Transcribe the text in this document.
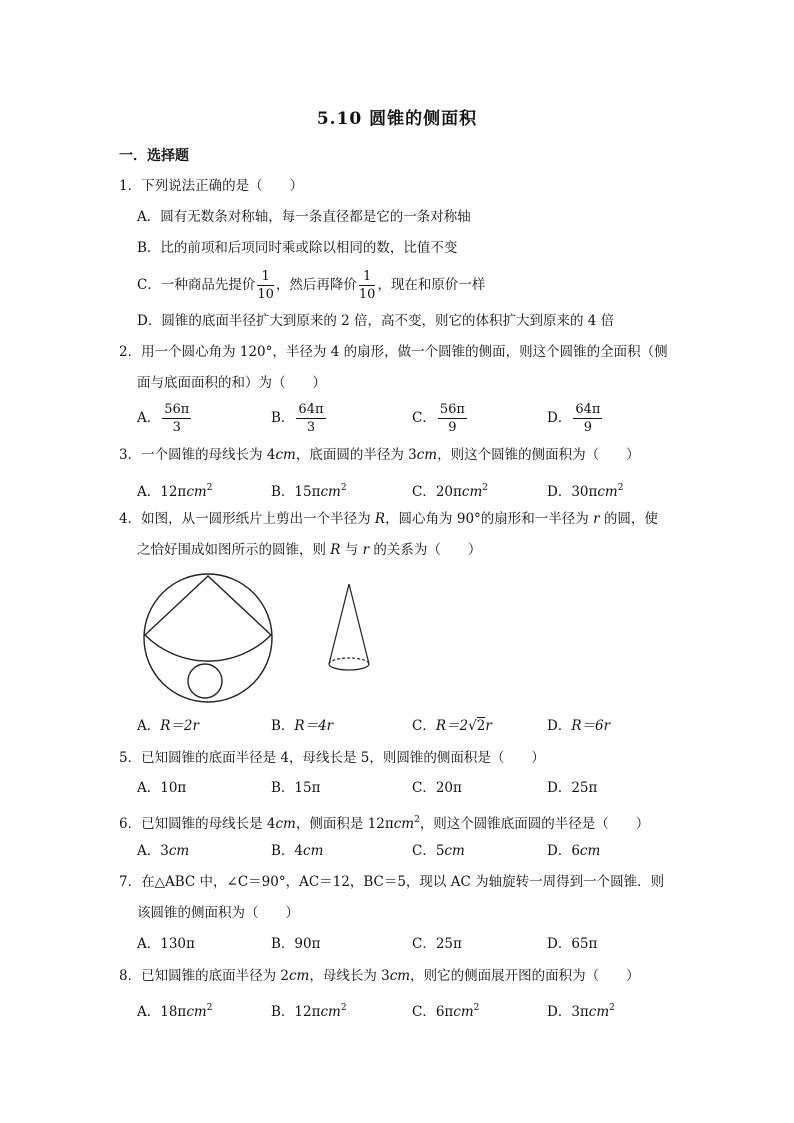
5.10 圆锥的侧面积
一．选择题
1．下列说法正确的是（　　）
A．圆有无数条对称轴，每一条直径都是它的一条对称轴
B．比的前项和后项同时乘或除以相同的数，比值不变
C．一种商品先提价 $\frac{1}{10}$ ，然后再降价 $\frac{1}{10}$ ，现在和原价一样
D．圆锥的底面半径扩大到原来的 2 倍，高不变，则它的体积扩大到原来的 4 倍
2．用一个圆心角为 120°，半径为 4 的扇形，做一个圆锥的侧面，则这个圆锥的全面积（侧
面与底面面积的和）为（　　）
A． $\frac{56\pi}{3}$	B． $\frac{64\pi}{3}$	C． $\frac{56\pi}{9}$	D． $\frac{64\pi}{9}$
3．一个圆锥的母线长为 4cm，底面圆的半径为 3cm，则这个圆锥的侧面积为（　　）
A．12πcm$^2$	B．15πcm$^2$	C．20πcm$^2$	D．30πcm$^2$
4．如图，从一圆形纸片上剪出一个半径为 R，圆心角为 90°的扇形和一半径为 r 的圆，使
之恰好围成如图所示的圆锥，则 R 与 r 的关系为（　　）
A．R＝2r	B．R＝4r	C．R＝2√2r	D．R＝6r
5．已知圆锥的底面半径是 4，母线长是 5，则圆锥的侧面积是（　　）
A．10π	B．15π	C．20π	D．25π
6．已知圆锥的母线长是 4cm，侧面积是 12πcm$^2$，则这个圆锥底面圆的半径是（　　）
A．3cm	B．4cm	C．5cm	D．6cm
7．在△ABC 中，∠C＝90°，AC＝12，BC＝5，现以 AC 为轴旋转一周得到一个圆锥．则
该圆锥的侧面积为（　　）
A．130π	B．90π	C．25π	D．65π
8．已知圆锥的底面半径为 2cm，母线长为 3cm，则它的侧面展开图的面积为（　　）
A．18πcm$^2$	B．12πcm$^2$	C．6πcm$^2$	D．3πcm$^2$
